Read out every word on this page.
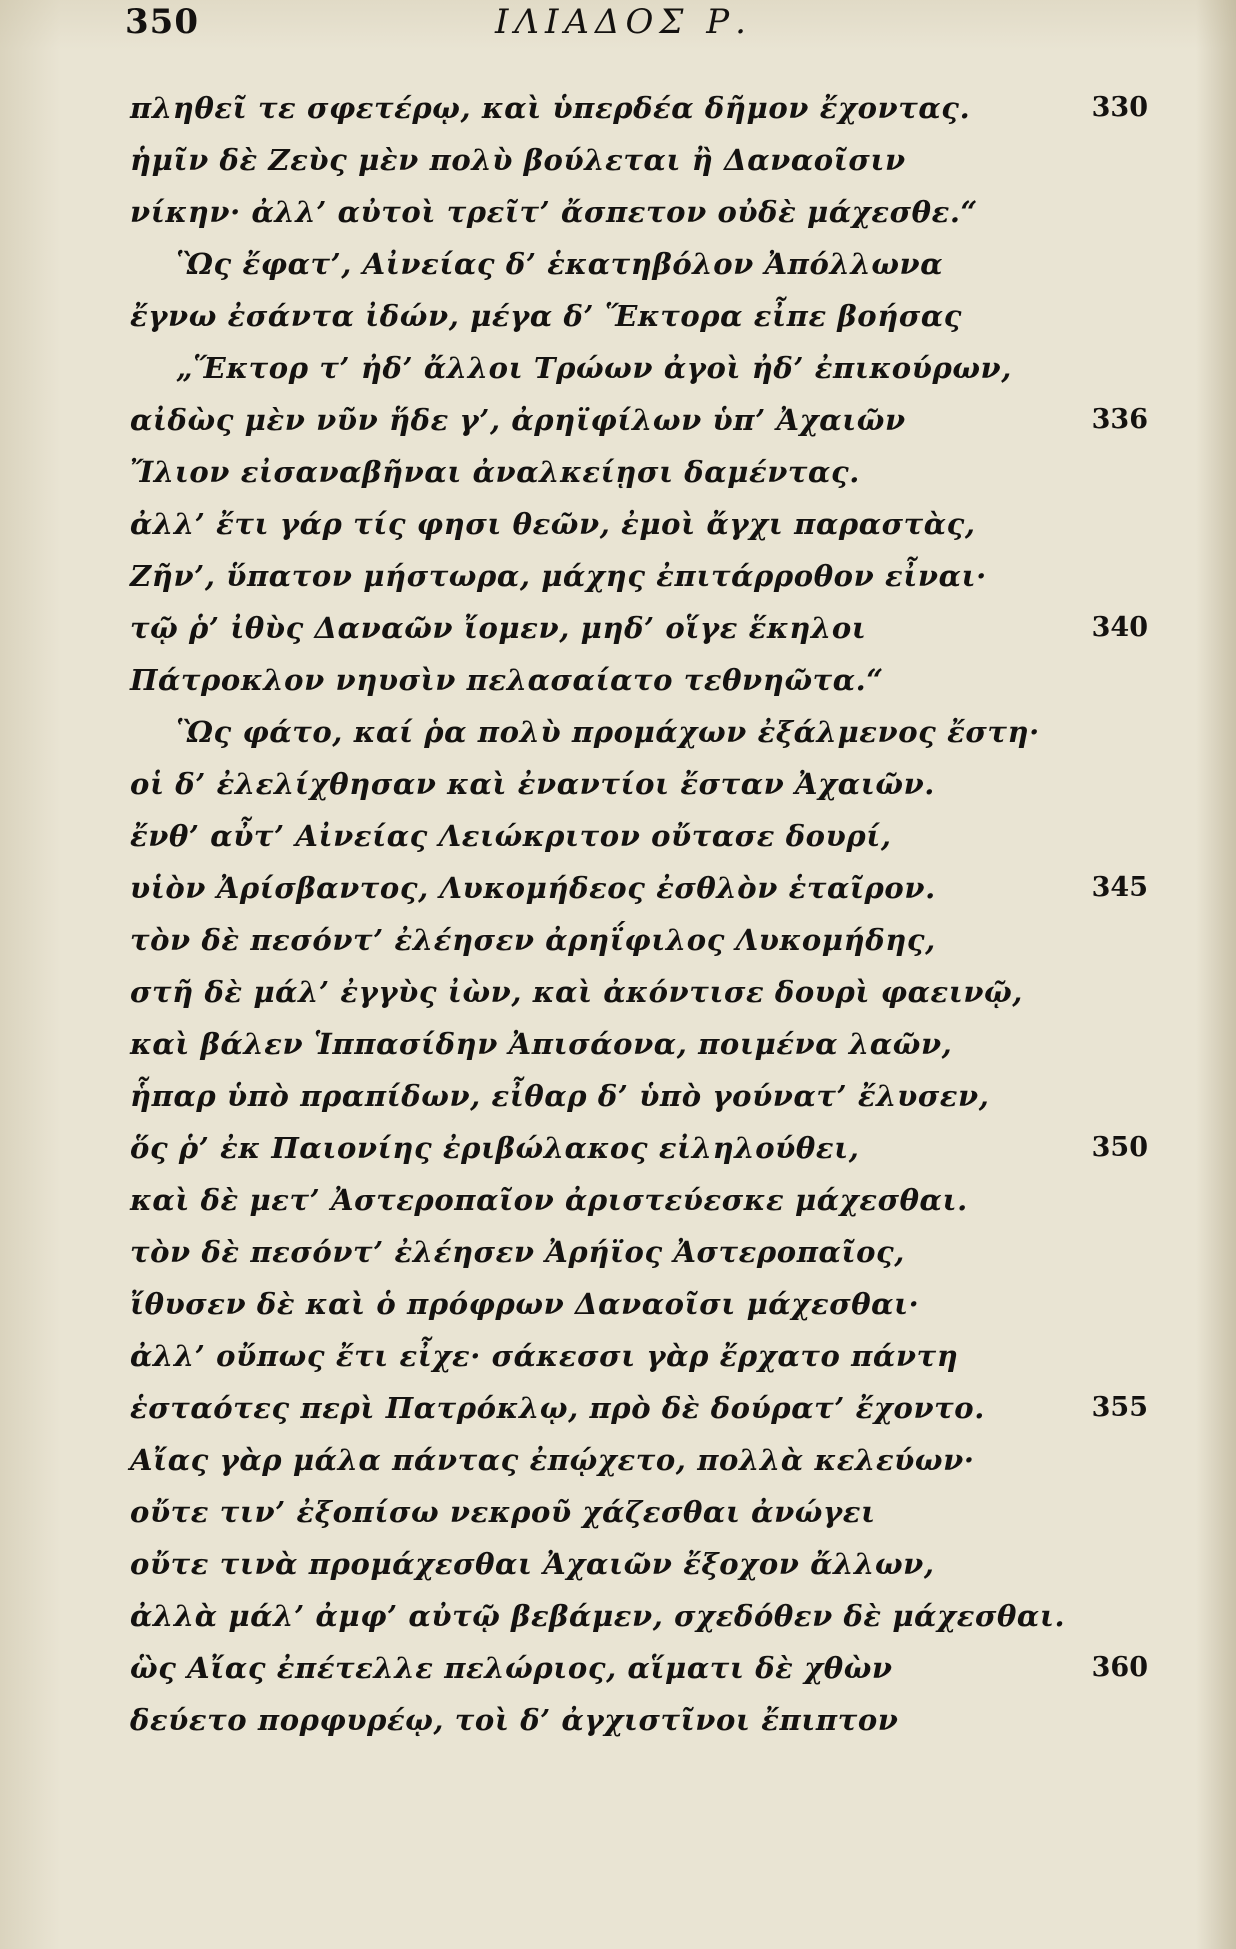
350	ΙΛΙΑΔΟΣ Ρ.
πληθεῖ τε σφετέρῳ, καὶ ὑπερδέα δῆμον ἔχοντας.	330
ἡμῖν δὲ Ζεὺς μὲν πολὺ βούλεται ἢ Δαναοῖσιν
νίκην· ἀλλ’ αὐτοὶ τρεῖτ’ ἄσπετον οὐδὲ μάχεσθε.“
Ὣς ἔφατ’, Αἰνείας δ’ ἑκατηβόλον Ἀπόλλωνα
ἔγνω ἐσάντα ἰδών, μέγα δ’ Ἕκτορα εἶπε βοήσας
„Ἕκτορ τ’ ἠδ’ ἄλλοι Τρώων ἀγοὶ ἠδ’ ἐπικούρων,
αἰδὼς μὲν νῦν ἥδε γ’, ἀρηϊφίλων ὑπ’ Ἀχαιῶν	336
Ἴλιον εἰσαναβῆναι ἀναλκείῃσι δαμέντας.
ἀλλ’ ἔτι γάρ τίς φησι θεῶν, ἐμοὶ ἄγχι παραστὰς,
Ζῆν’, ὕπατον μήστωρα, μάχης ἐπιτάρροθον εἶναι·
τῷ ῥ’ ἰθὺς Δαναῶν ἴομεν, μηδ’ οἵγε ἕκηλοι	340
Πάτροκλον νηυσὶν πελασαίατο τεθνηῶτα.“
Ὣς φάτο, καί ῥα πολὺ προμάχων ἐξάλμενος ἔστη·
οἱ δ’ ἐλελίχθησαν καὶ ἐναντίοι ἔσταν Ἀχαιῶν.
ἔνθ’ αὖτ’ Αἰνείας Λειώκριτον οὔτασε δουρί,
υἱὸν Ἀρίσβαντος, Λυκομήδεος ἐσθλὸν ἑταῖρον.	345
τὸν δὲ πεσόντ’ ἐλέησεν ἀρηΐφιλος Λυκομήδης,
στῆ δὲ μάλ’ ἐγγὺς ἰὼν, καὶ ἀκόντισε δουρὶ φαεινῷ,
καὶ βάλεν Ἱππασίδην Ἀπισάονα, ποιμένα λαῶν,
ἧπαρ ὑπὸ πραπίδων, εἶθαρ δ’ ὑπὸ γούνατ’ ἔλυσεν,
ὅς ῥ’ ἐκ Παιονίης ἐριβώλακος εἰληλούθει,	350
καὶ δὲ μετ’ Ἀστεροπαῖον ἀριστεύεσκε μάχεσθαι.
τὸν δὲ πεσόντ’ ἐλέησεν Ἀρήϊος Ἀστεροπαῖος,
ἴθυσεν δὲ καὶ ὁ πρόφρων Δαναοῖσι μάχεσθαι·
ἀλλ’ οὔπως ἔτι εἶχε· σάκεσσι γὰρ ἔρχατο πάντη
ἑσταότες περὶ Πατρόκλῳ, πρὸ δὲ δούρατ’ ἔχοντο.	355
Αἴας γὰρ μάλα πάντας ἐπῴχετο, πολλὰ κελεύων·
οὔτε τιν’ ἐξοπίσω νεκροῦ χάζεσθαι ἀνώγει
οὔτε τινὰ προμάχεσθαι Ἀχαιῶν ἔξοχον ἄλλων,
ἀλλὰ μάλ’ ἀμφ’ αὐτῷ βεβάμεν, σχεδόθεν δὲ μάχεσθαι.
ὣς Αἴας ἐπέτελλε πελώριος, αἵματι δὲ χθὼν	360
δεύετο πορφυρέῳ, τοὶ δ’ ἀγχιστῖνοι ἔπιπτον
